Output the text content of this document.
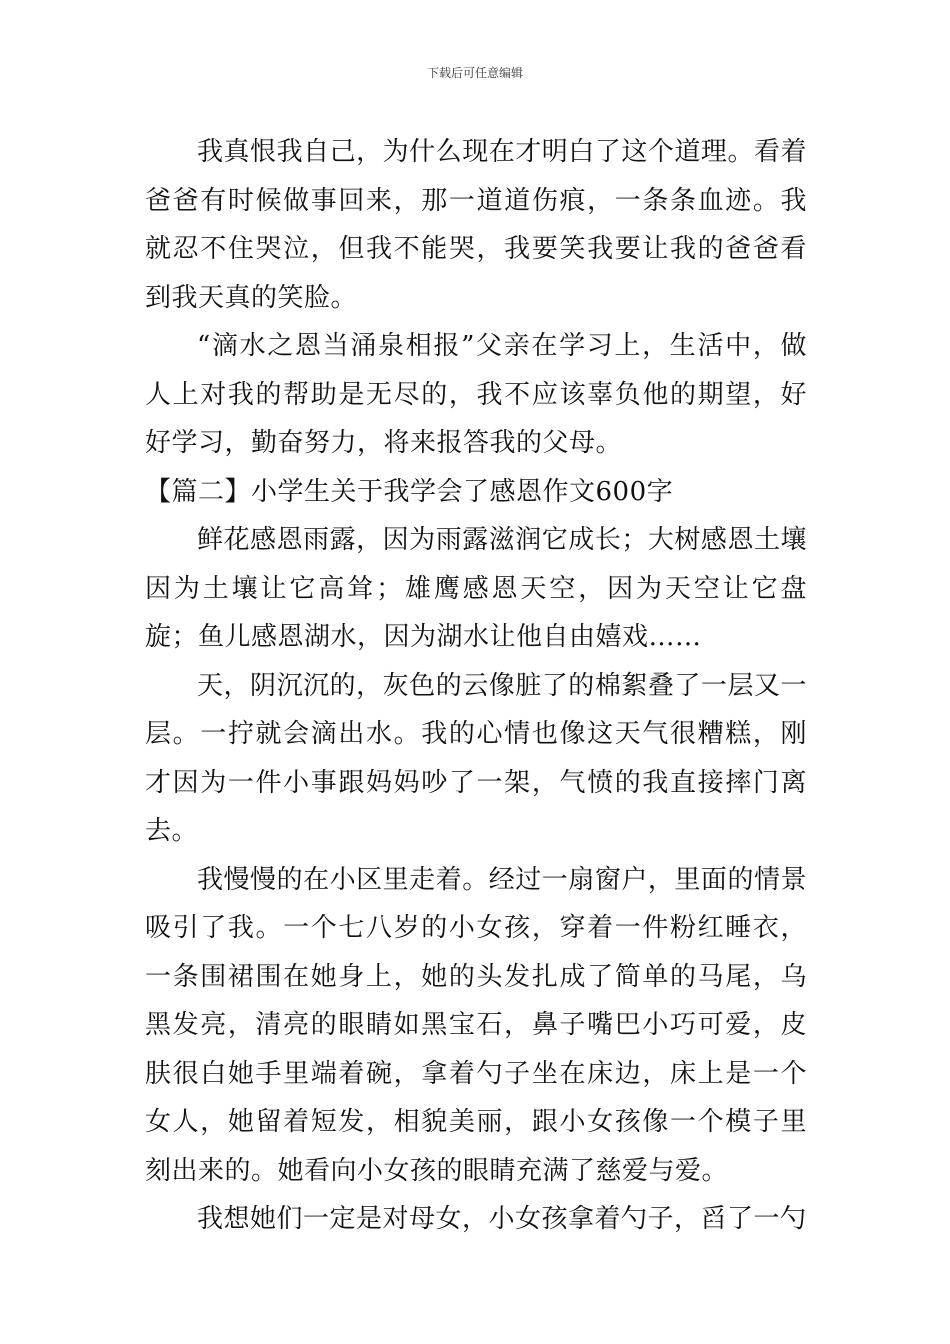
下载后可任意编辑

我真恨我自己，为什么现在才明白了这个道理。看着爸爸有时候做事回来，那一道道伤痕，一条条血迹。我就忍不住哭泣，但我不能哭，我要笑我要让我的爸爸看到我天真的笑脸。

“滴水之恩当涌泉相报”父亲在学习上，生活中，做人上对我的帮助是无尽的，我不应该辜负他的期望，好好学习，勤奋努力，将来报答我的父母。

【篇二】小学生关于我学会了感恩作文600字

鲜花感恩雨露，因为雨露滋润它成长；大树感恩土壤因为土壤让它高耸；雄鹰感恩天空，因为天空让它盘旋；鱼儿感恩湖水，因为湖水让他自由嬉戏……

天，阴沉沉的，灰色的云像脏了的棉絮叠了一层又一层。一拧就会滴出水。我的心情也像这天气很糟糕，刚才因为一件小事跟妈妈吵了一架，气愤的我直接摔门离去。

我慢慢的在小区里走着。经过一扇窗户，里面的情景吸引了我。一个七八岁的小女孩，穿着一件粉红睡衣，一条围裙围在她身上，她的头发扎成了简单的马尾，乌黑发亮，清亮的眼睛如黑宝石，鼻子嘴巴小巧可爱，皮肤很白她手里端着碗，拿着勺子坐在床边，床上是一个女人，她留着短发，相貌美丽，跟小女孩像一个模子里刻出来的。她看向小女孩的眼睛充满了慈爱与爱。

我想她们一定是对母女，小女孩拿着勺子，舀了一勺
